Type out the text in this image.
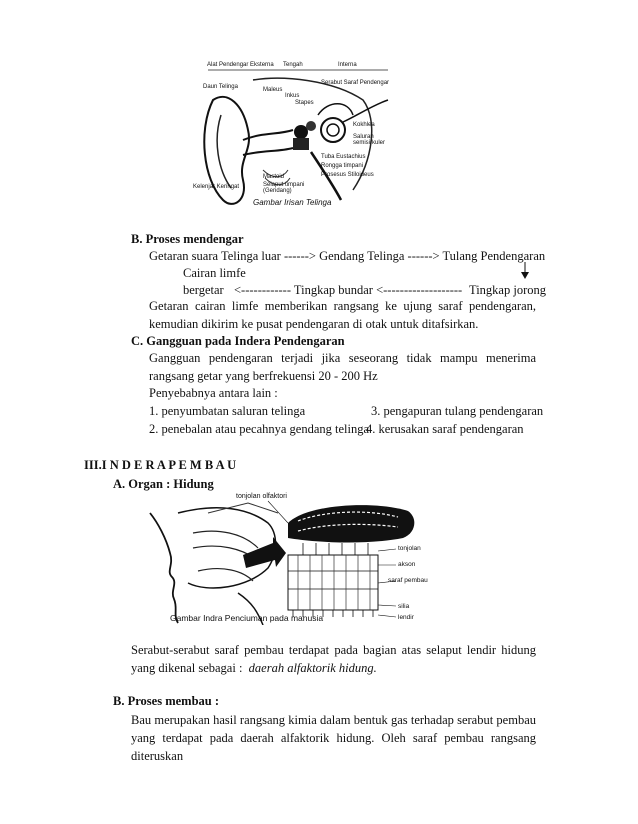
Alat Pendengar Eksterna Tengah	Interna
Daun Telinga	Maleus
Inkus
Stapes
Serabut Saraf Pendengar
Kokhlea
Saluran semisirkuler
Tuba Eustachius
Rongga timpani
Prosesus Stiloideus
Kelenjar Keringat
Mastoid
Selaput timpani (Gendang)
Gambar Irisan Telinga
B. Proses mendengar
Getaran suara Telinga luar ------> Gendang Telinga ------> Tulang Pendengaran
Cairan limfe
bergetar <------------ Tingkap bundar <------------------- Tingkap jorong
Getaran cairan limfe memberikan rangsang ke ujung saraf pendengaran, kemudian dikirim ke pusat pendengaran di otak untuk ditafsirkan.
C. Gangguan pada Indera Pendengaran
Gangguan pendengaran terjadi jika seseorang tidak mampu menerima rangsang getar yang berfrekuensi 20 - 200 Hz
Penyebabnya antara lain :
1. penyumbatan saluran telinga	3. pengapuran tulang pendengaran
2. penebalan atau pecahnya gendang telinga
4. kerusakan saraf pendengaran
III.I N D E R A P E M B A U
A. Organ : Hidung
tonjolan olfaktori
tonjolan
akson
saraf pembau
silia
lendir
Gambar Indra Penciuman pada manusia
Serabut-serabut saraf pembau terdapat pada bagian atas selaput lendir hidung yang dikenal sebagai : daerah alfaktorik hidung.
B. Proses membau :
Bau merupakan hasil rangsang kimia dalam bentuk gas terhadap serabut pembau yang terdapat pada daerah alfaktorik hidung. Oleh saraf pembau rangsang diteruskan
